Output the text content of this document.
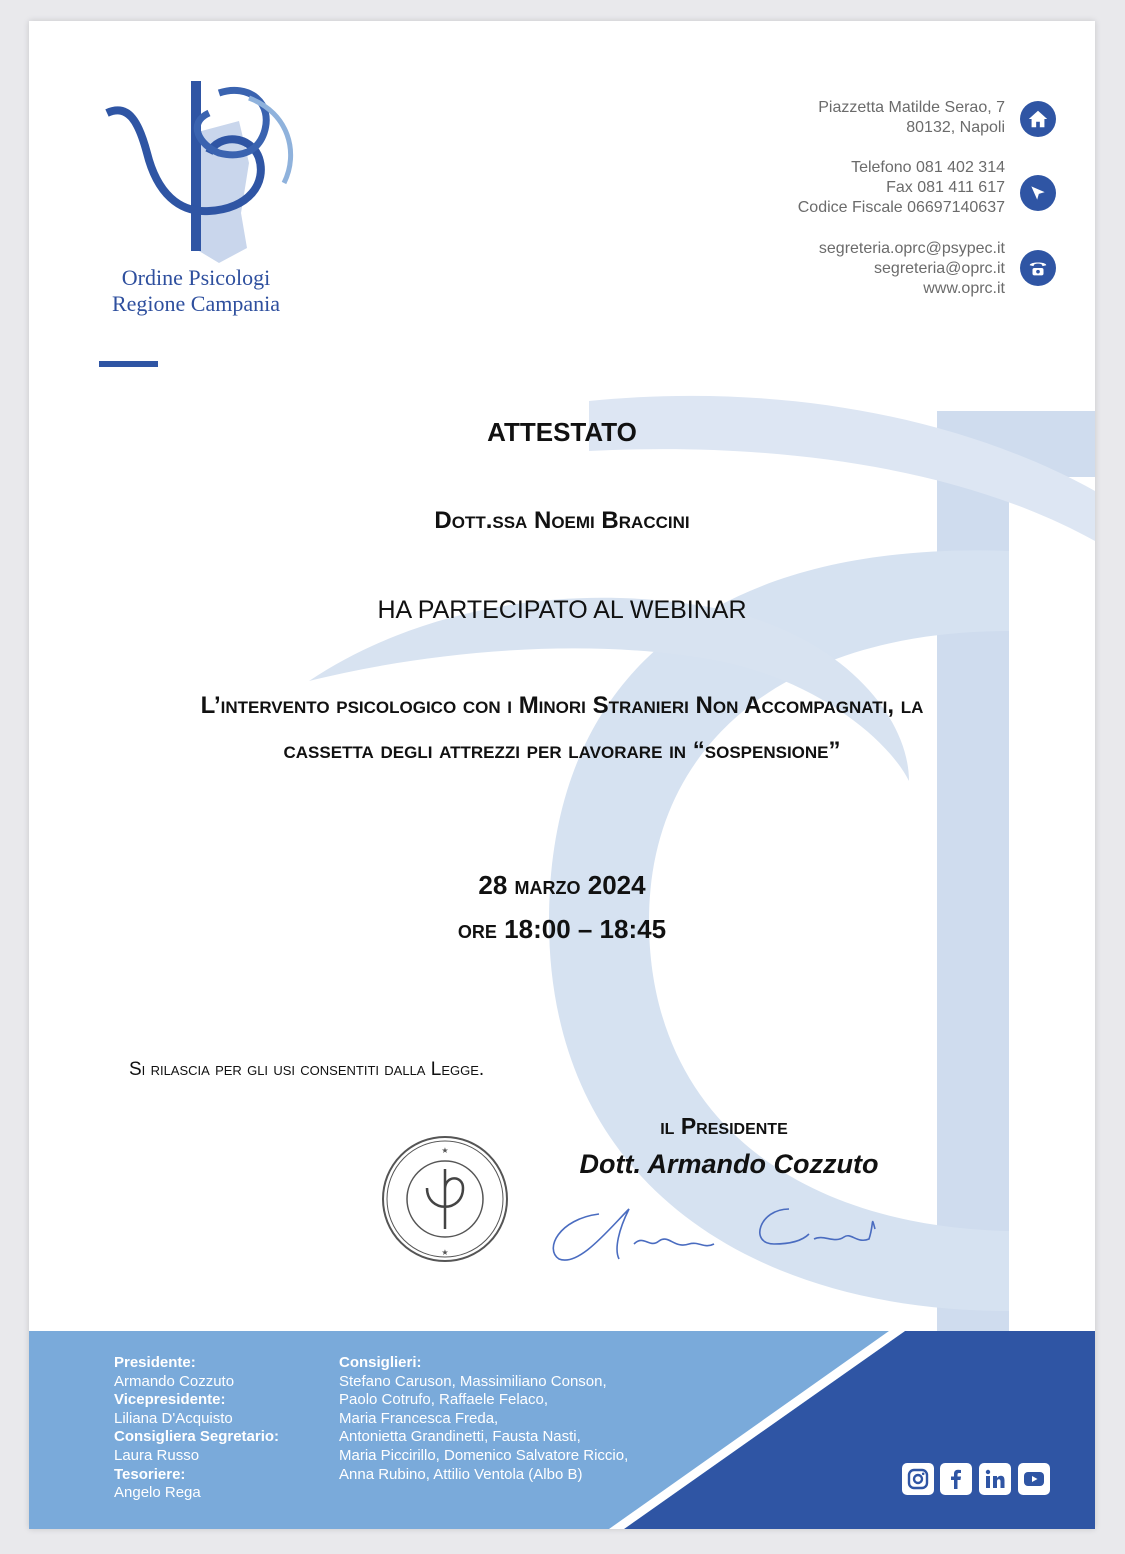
Ordine Psicologi
Regione Campania
Piazzetta Matilde Serao, 7
80132, Napoli
Telefono 081 402 314
Fax 081 411 617
Codice Fiscale 06697140637
segreteria.oprc@psypec.it
segreteria@oprc.it
www.oprc.it
ATTESTATO
Dott.ssa Noemi Braccini
HA PARTECIPATO AL WEBINAR
L’intervento psicologico con i Minori Stranieri Non Accompagnati, la cassetta degli attrezzi per lavorare in “sospensione”
28 marzo 2024
ore 18:00 – 18:45
Si rilascia per gli usi consentiti dalla Legge.
il Presidente
Dott. Armando Cozzuto
★
★
Presidente:
Armando Cozzuto
Vicepresidente:
Liliana D'Acquisto
Consigliera Segretario:
Laura Russo
Tesoriere:
Angelo Rega
Consiglieri:
Stefano Caruson, Massimiliano Conson,
Paolo Cotrufo, Raffaele Felaco,
Maria Francesca Freda,
Antonietta Grandinetti, Fausta Nasti,
Maria Piccirillo, Domenico Salvatore Riccio,
Anna Rubino, Attilio Ventola (Albo B)
